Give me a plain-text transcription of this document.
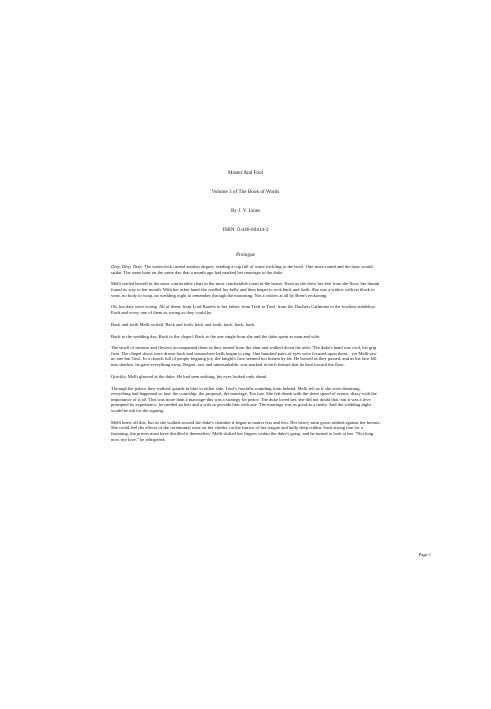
Master And Fool
Volume 3 of The Book of Words
By J. V. Jones
ISBN: 0-446-60414-3
Prologue

Drip. Drip. Drip. The waterclock turned another degree, sending a cup full of water trickling to the bowl. One more round and the hour would strike. The same hour on the same day that a month ago had marked her marriage to the duke.

Melli settled herself in the most comfortable chair in the most comfortable room in the house. Even as she drew her feet from the floor, her thumb found its way to her mouth. With her other hand she cradled her belly and then began to rock back and forth. She was a widow with no black to wear, no body to wrap, no wedding night to remember through the mourning. Not a widow at all by Bren's reckoning.

Oh, but they were wrong. All of them: from Lord Baralis to her father, from Traff to Tawl, from the Duchess Catherine to the lowliest stableboy. Each and every one of them as wrong as they could be.

Back and forth Melli rocked. Back and forth, back and forth, back, back, back.

Back to the wedding day. Back to the chapel. Back to the one single hour she and the duke spent as man and wife.

The smell of incense and flowers accompanied them as they turned from the altar and walked down the aisle. The duke's hand was cool, his grip firm. The chapel doors were drawn back and somewhere bells began to ring. One hundred pairs of eyes were focused upon them, , yet Melli saw no one but Tawl. In a church full of people feigning joy, the knight's face seemed too honest by far. He bowed as they passed, and as his face fell into shadow, he gave everything away. Regret, raw and unmistakable, was marked in each feature that he bent toward the floor.

Quickly, Melli glanced at the duke. He had seen nothing; his eyes looked only ahead.

Through the palace they walked, guards in blue to either side, Tawl's footfalls sounding from behind. Melli felt as if she were dreaming, everything had happened so fast: the courtship, the proposal, the marriage. Too fast. She felt drunk with the sheer speed of events, dizzy with the importance of it all. This was more than a marriage-this was a strategy for peace. The duke loved her, she did not doubt that, but it was a love prompted by expediency: he needed an heir and a wife to provide him with one. The marriage was as good as a treaty. And the wedding night would be ink for the signing.

Melli knew all this, but as she walked toward the duke's chamber it began to matter less and less. Her heavy satin gown rubbed against her breasts. She could feel the effects of the ceremonial wine on her cheeks, on the furrow of her tongue and belly deep within. Such strong fare for a fastening, the priests must have distilled it themselves. Melli shifted her fingers within the duke's grasp, and he turned to look at her. "Not long now, my love," he whispered.

Page 1
